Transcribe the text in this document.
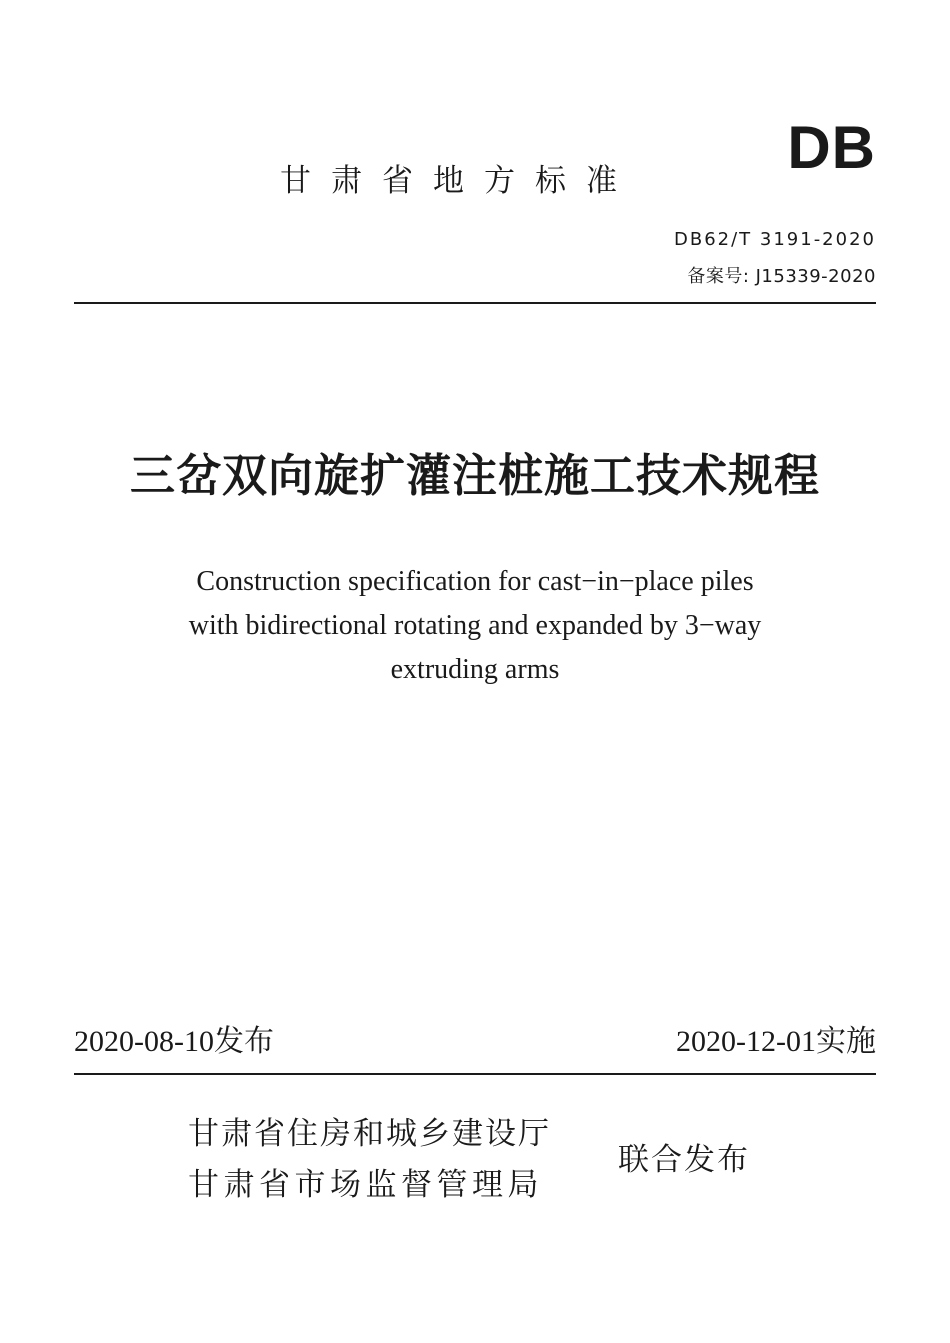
DB
甘肃省地方标准
DB62/T 3191-2020
备案号: J15339-2020
三岔双向旋扩灌注桩施工技术规程
Construction specification for cast−in−place piles
with bidirectional rotating and expanded by 3−way
extruding arms
2020-08-10发布	2020-12-01实施
甘肃省住房和城乡建设厅
甘肃省市场监督管理局
联合发布
